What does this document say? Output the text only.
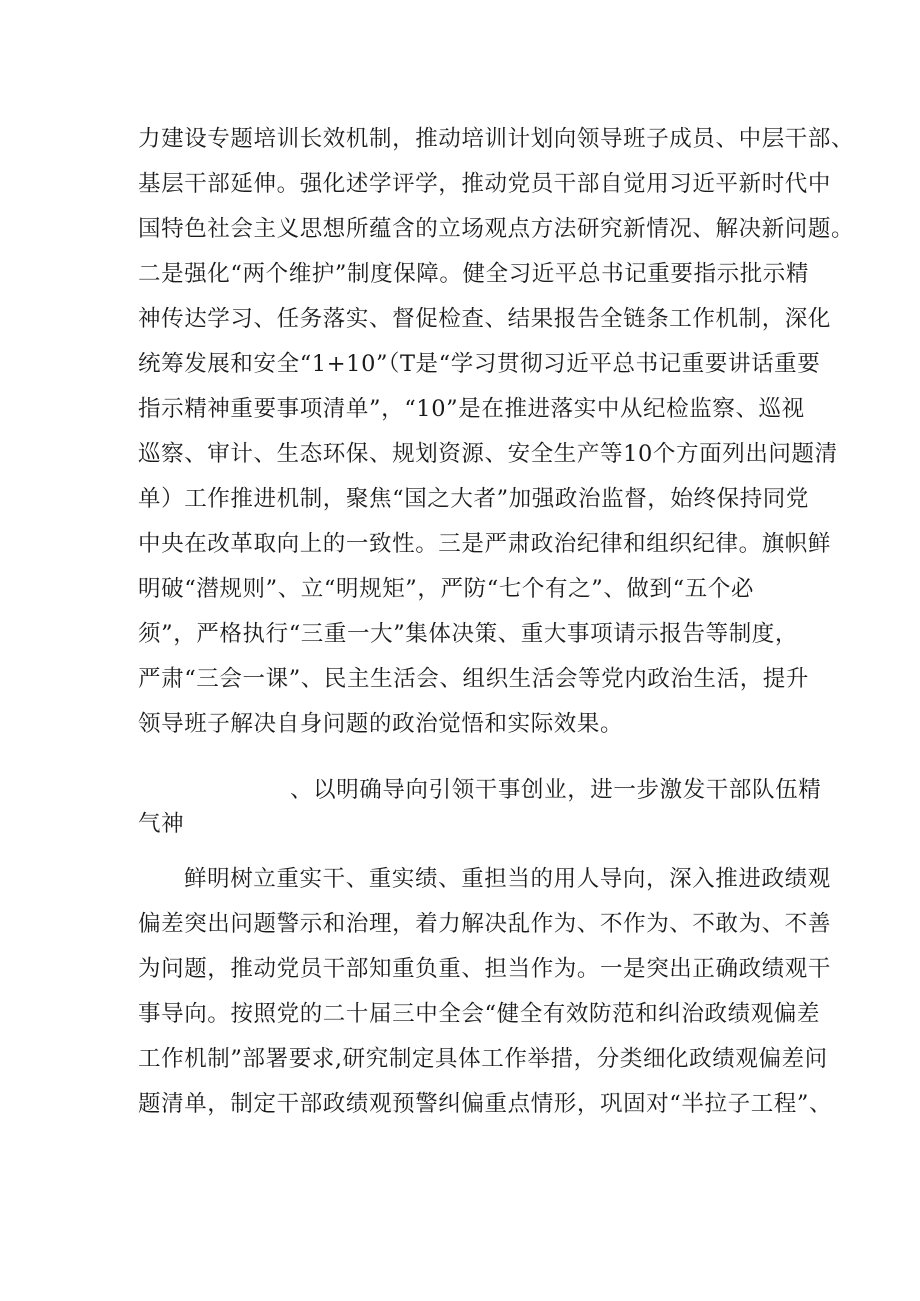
力建设专题培训长效机制，推动培训计划向领导班子成员、中层干部、
基层干部延伸。强化述学评学，推动党员干部自觉用习近平新时代中
国特色社会主义思想所蕴含的立场观点方法研究新情况、解决新问题。
二是强化“两个维护”制度保障。健全习近平总书记重要指示批示精
神传达学习、任务落实、督促检查、结果报告全链条工作机制，深化
统筹发展和安全“1+10”（T是“学习贯彻习近平总书记重要讲话重要
指示精神重要事项清单”，“10”是在推进落实中从纪检监察、巡视
巡察、审计、生态环保、规划资源、安全生产等10个方面列出问题清
单）工作推进机制，聚焦“国之大者”加强政治监督，始终保持同党
中央在改革取向上的一致性。三是严肃政治纪律和组织纪律。旗帜鲜
明破“潜规则”、立“明规矩”，严防“七个有之”、做到“五个必
须”，严格执行“三重一大”集体决策、重大事项请示报告等制度，
严肃“三会一课”、民主生活会、组织生活会等党内政治生活，提升
领导班子解决自身问题的政治觉悟和实际效果。
、以明确导向引领干事创业，进一步激发干部队伍精
气神
鲜明树立重实干、重实绩、重担当的用人导向，深入推进政绩观
偏差突出问题警示和治理，着力解决乱作为、不作为、不敢为、不善
为问题，推动党员干部知重负重、担当作为。一是突出正确政绩观干
事导向。按照党的二十届三中全会“健全有效防范和纠治政绩观偏差
工作机制”部署要求,研究制定具体工作举措，分类细化政绩观偏差问
题清单，制定干部政绩观预警纠偏重点情形，巩固对“半拉子工程”、
